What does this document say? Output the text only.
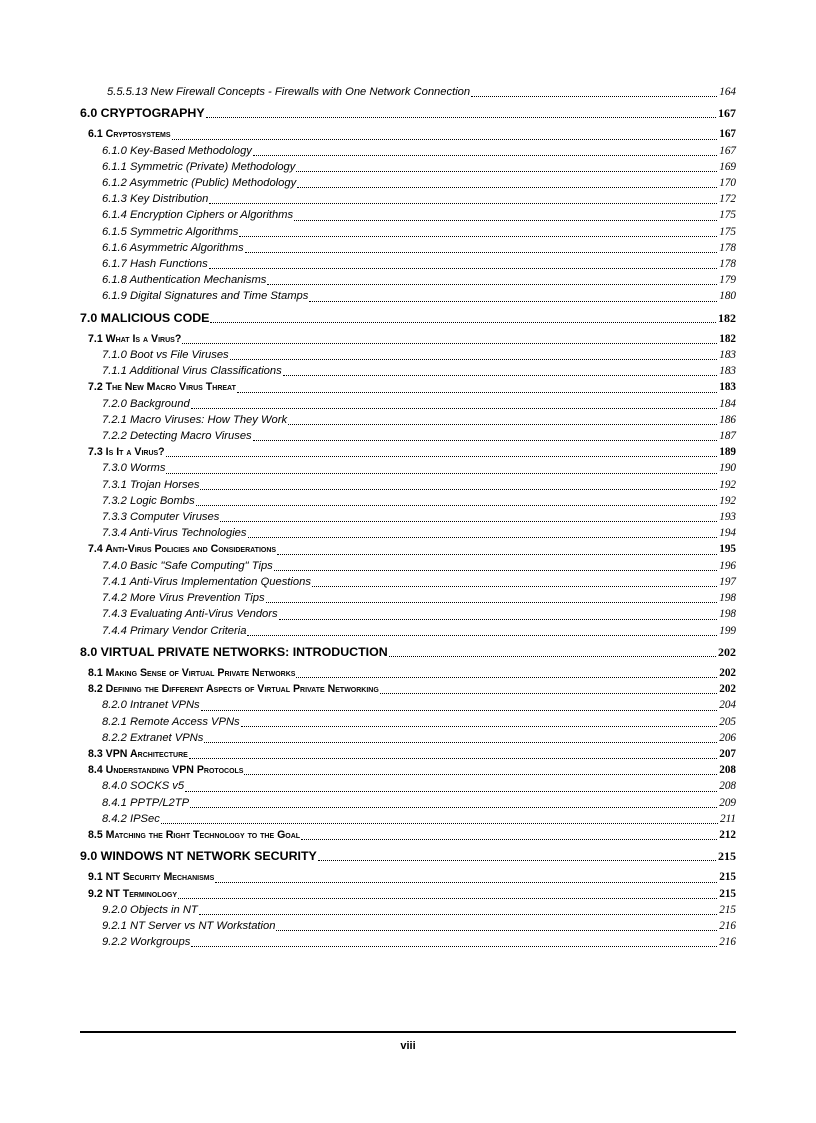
5.5.5.13 New Firewall Concepts - Firewalls with One Network Connection	164
6.0 CRYPTOGRAPHY	167
6.1 Cryptosystems	167
6.1.0 Key-Based Methodology	167
6.1.1 Symmetric (Private) Methodology	169
6.1.2 Asymmetric (Public) Methodology	170
6.1.3 Key Distribution	172
6.1.4 Encryption Ciphers or Algorithms	175
6.1.5 Symmetric Algorithms	175
6.1.6 Asymmetric Algorithms	178
6.1.7 Hash Functions	178
6.1.8 Authentication Mechanisms	179
6.1.9 Digital Signatures and Time Stamps	180
7.0 MALICIOUS CODE	182
7.1 What Is a Virus?	182
7.1.0 Boot vs File Viruses	183
7.1.1 Additional Virus Classifications	183
7.2 The New Macro Virus Threat	183
7.2.0 Background	184
7.2.1 Macro Viruses: How They Work	186
7.2.2 Detecting Macro Viruses	187
7.3 Is It a Virus?	189
7.3.0 Worms	190
7.3.1 Trojan Horses	192
7.3.2 Logic Bombs	192
7.3.3 Computer Viruses	193
7.3.4 Anti-Virus Technologies	194
7.4 Anti-Virus Policies and Considerations	195
7.4.0 Basic "Safe Computing" Tips	196
7.4.1 Anti-Virus Implementation Questions	197
7.4.2 More Virus Prevention Tips	198
7.4.3 Evaluating Anti-Virus Vendors	198
7.4.4 Primary Vendor Criteria	199
8.0 VIRTUAL PRIVATE NETWORKS: INTRODUCTION	202
8.1 Making Sense of Virtual Private Networks	202
8.2 Defining the Different Aspects of Virtual Private Networking	202
8.2.0 Intranet VPNs	204
8.2.1 Remote Access VPNs	205
8.2.2 Extranet VPNs	206
8.3 VPN Architecture	207
8.4 Understanding VPN Protocols	208
8.4.0 SOCKS v5	208
8.4.1 PPTP/L2TP	209
8.4.2 IPSec	211
8.5 Matching the Right Technology to the Goal	212
9.0 WINDOWS NT NETWORK SECURITY	215
9.1 NT Security Mechanisms	215
9.2 NT Terminology	215
9.2.0 Objects in NT	215
9.2.1 NT Server vs NT Workstation	216
9.2.2 Workgroups	216
viii
